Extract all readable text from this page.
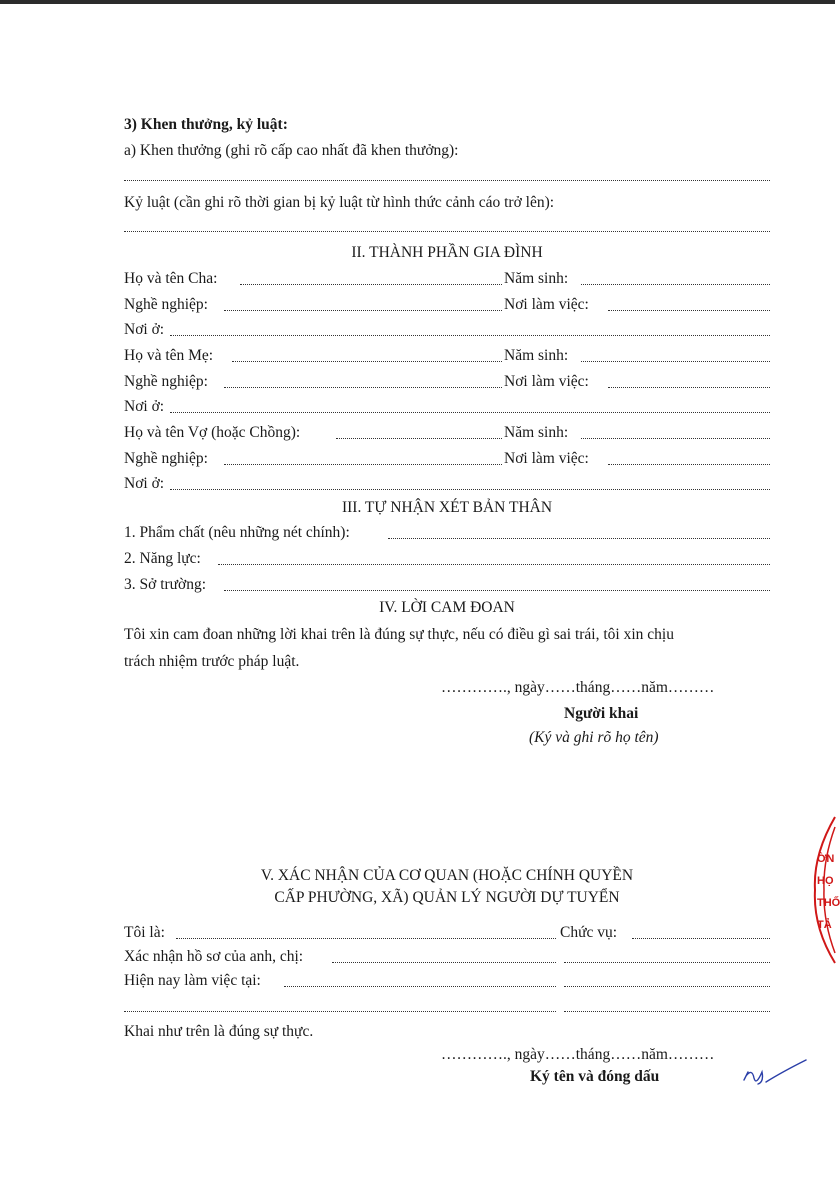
3) Khen thưởng, kỷ luật:
a) Khen thưởng (ghi rõ cấp cao nhất đã khen thưởng):
Kỷ luật (cần ghi rõ thời gian bị kỷ luật từ hình thức cảnh cáo trở lên):
II. THÀNH PHẦN GIA ĐÌNH
Họ và tên Cha:	Năm sinh:
Nghề nghiệp:	Nơi làm việc:
Nơi ở:
Họ và tên Mẹ:	Năm sinh:
Nghề nghiệp:	Nơi làm việc:
Nơi ở:
Họ và tên Vợ (hoặc Chồng):	Năm sinh:
Nghề nghiệp:	Nơi làm việc:
Nơi ở:
III. TỰ NHẬN XÉT BẢN THÂN
1. Phẩm chất (nêu những nét chính):
2. Năng lực:
3. Sở trường:
IV. LỜI CAM ĐOAN
Tôi xin cam đoan những lời khai trên là đúng sự thực, nếu có điều gì sai trái, tôi xin chịu
trách nhiệm trước pháp luật.
…………., ngày……tháng……năm………
Người khai
(Ký và ghi rõ họ tên)
V. XÁC NHẬN CỦA CƠ QUAN (HOẶC CHÍNH QUYỀN
CẤP PHƯỜNG, XÃ) QUẢN LÝ NGƯỜI DỰ TUYỂN
Tôi là:	Chức vụ:
Xác nhận hồ sơ của anh, chị:
Hiện nay làm việc tại:
Khai như trên là đúng sự thực.
…………., ngày……tháng……năm………
Ký tên và đóng dấu
ỜN
HỌ
THỐ
TẢ
